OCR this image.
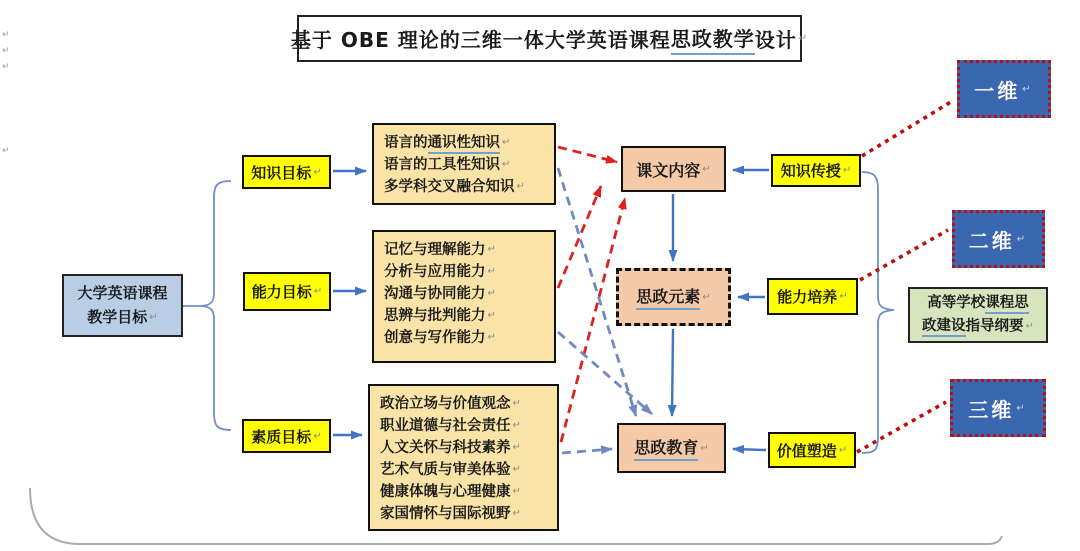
↵
↵
↵
↵
基于 OBE 理论的三维一体大学英语课程 思政教学 设计 ↵
大学英语课程
教学目标 ↵
知识目标 ↵
能力目标 ↵
素质目标 ↵
语言的通识性知识 ↵
语言的工具性知识 ↵
多学科交叉融合知识 ↵
记忆与理解能力 ↵
分析与应用能力 ↵
沟通与协同能力 ↵
思辨与批判能力 ↵
创意与写作能力 ↵
政治立场与价值观念 ↵
职业道德与社会责任 ↵
人文关怀与科技素养 ↵
艺术气质与审美体验 ↵
健康体魄与心理健康 ↵
家国情怀与国际视野 ↵
课文内容 ↵
思政元素 ↵
思政教育 ↵
知识传授 ↵
能力培养 ↵
价值塑造 ↵
一维 ↵
二维 ↵
三维 ↵
高等学校课程思
政建设指导纲要 ↵
